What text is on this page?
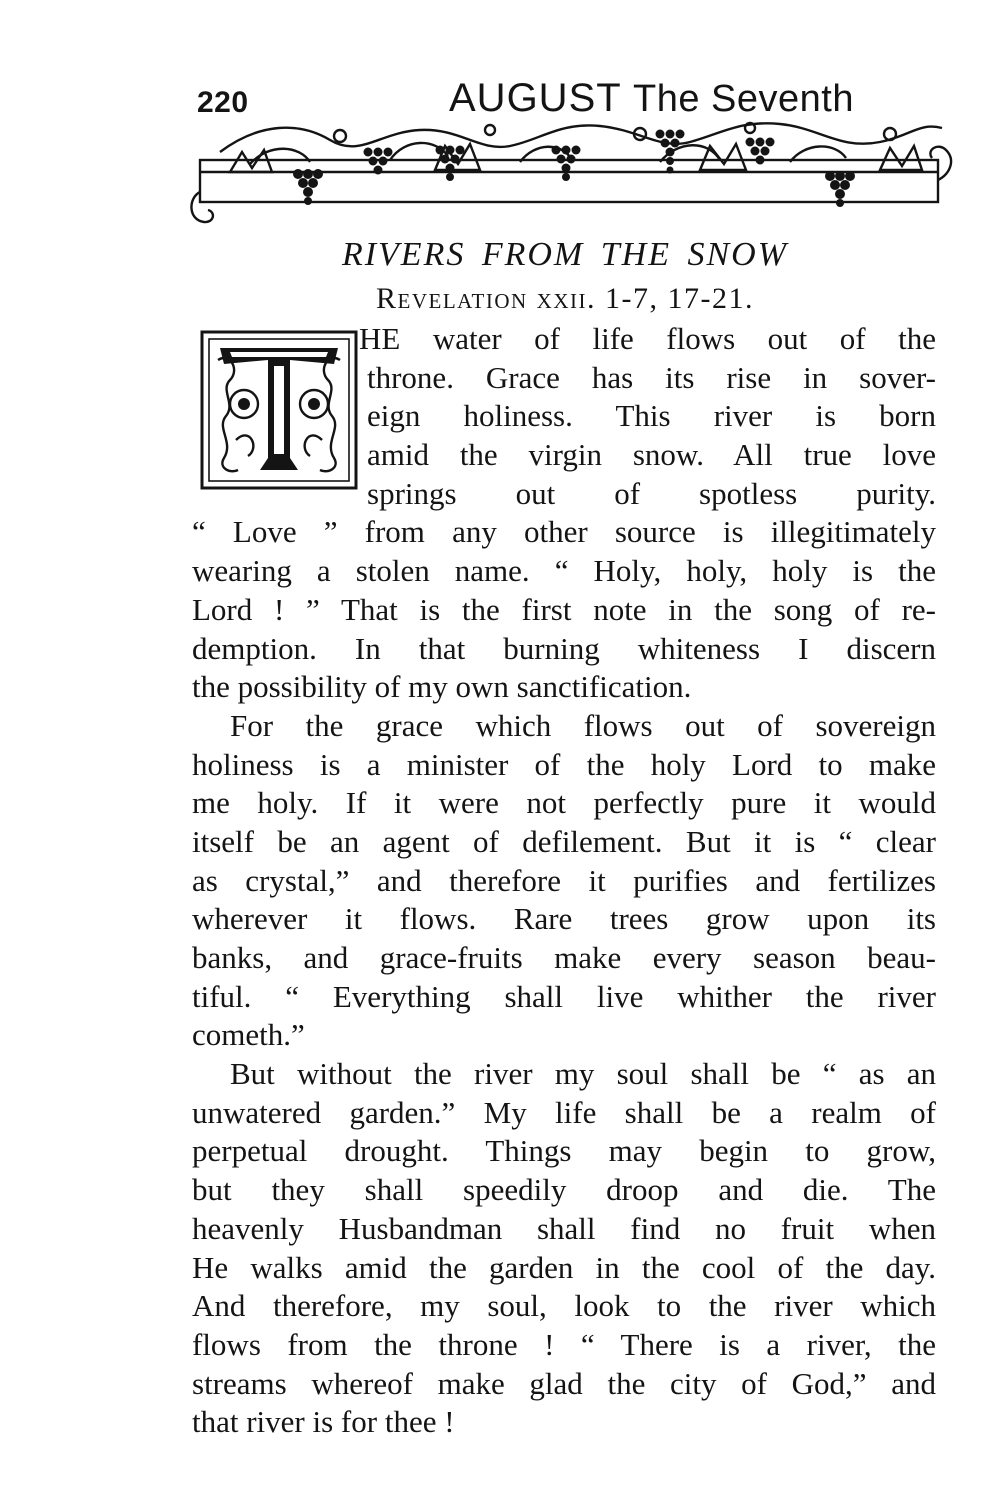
220	AUGUST The Seventh
RIVERS FROM THE SNOW
Revelation xxii. 1-7, 17-21.
HE water of life flows out of the
throne. Grace has its rise in sover-
eign holiness. This river is born
amid the virgin snow. All true love
springs out of spotless purity.
“ Love ” from any other source is illegitimately
wearing a stolen name. “ Holy, holy, holy is the
Lord ! ” That is the first note in the song of re-
demption. In that burning whiteness I discern
the possibility of my own sanctification.
For the grace which flows out of sovereign
holiness is a minister of the holy Lord to make
me holy. If it were not perfectly pure it would
itself be an agent of defilement. But it is “ clear
as crystal,” and therefore it purifies and fertilizes
wherever it flows. Rare trees grow upon its
banks, and grace-fruits make every season beau-
tiful. “ Everything shall live whither the river
cometh.”
But without the river my soul shall be “ as an
unwatered garden.” My life shall be a realm of
perpetual drought. Things may begin to grow,
but they shall speedily droop and die. The
heavenly Husbandman shall find no fruit when
He walks amid the garden in the cool of the day.
And therefore, my soul, look to the river which
flows from the throne ! “ There is a river, the
streams whereof make glad the city of God,” and
that river is for thee !
